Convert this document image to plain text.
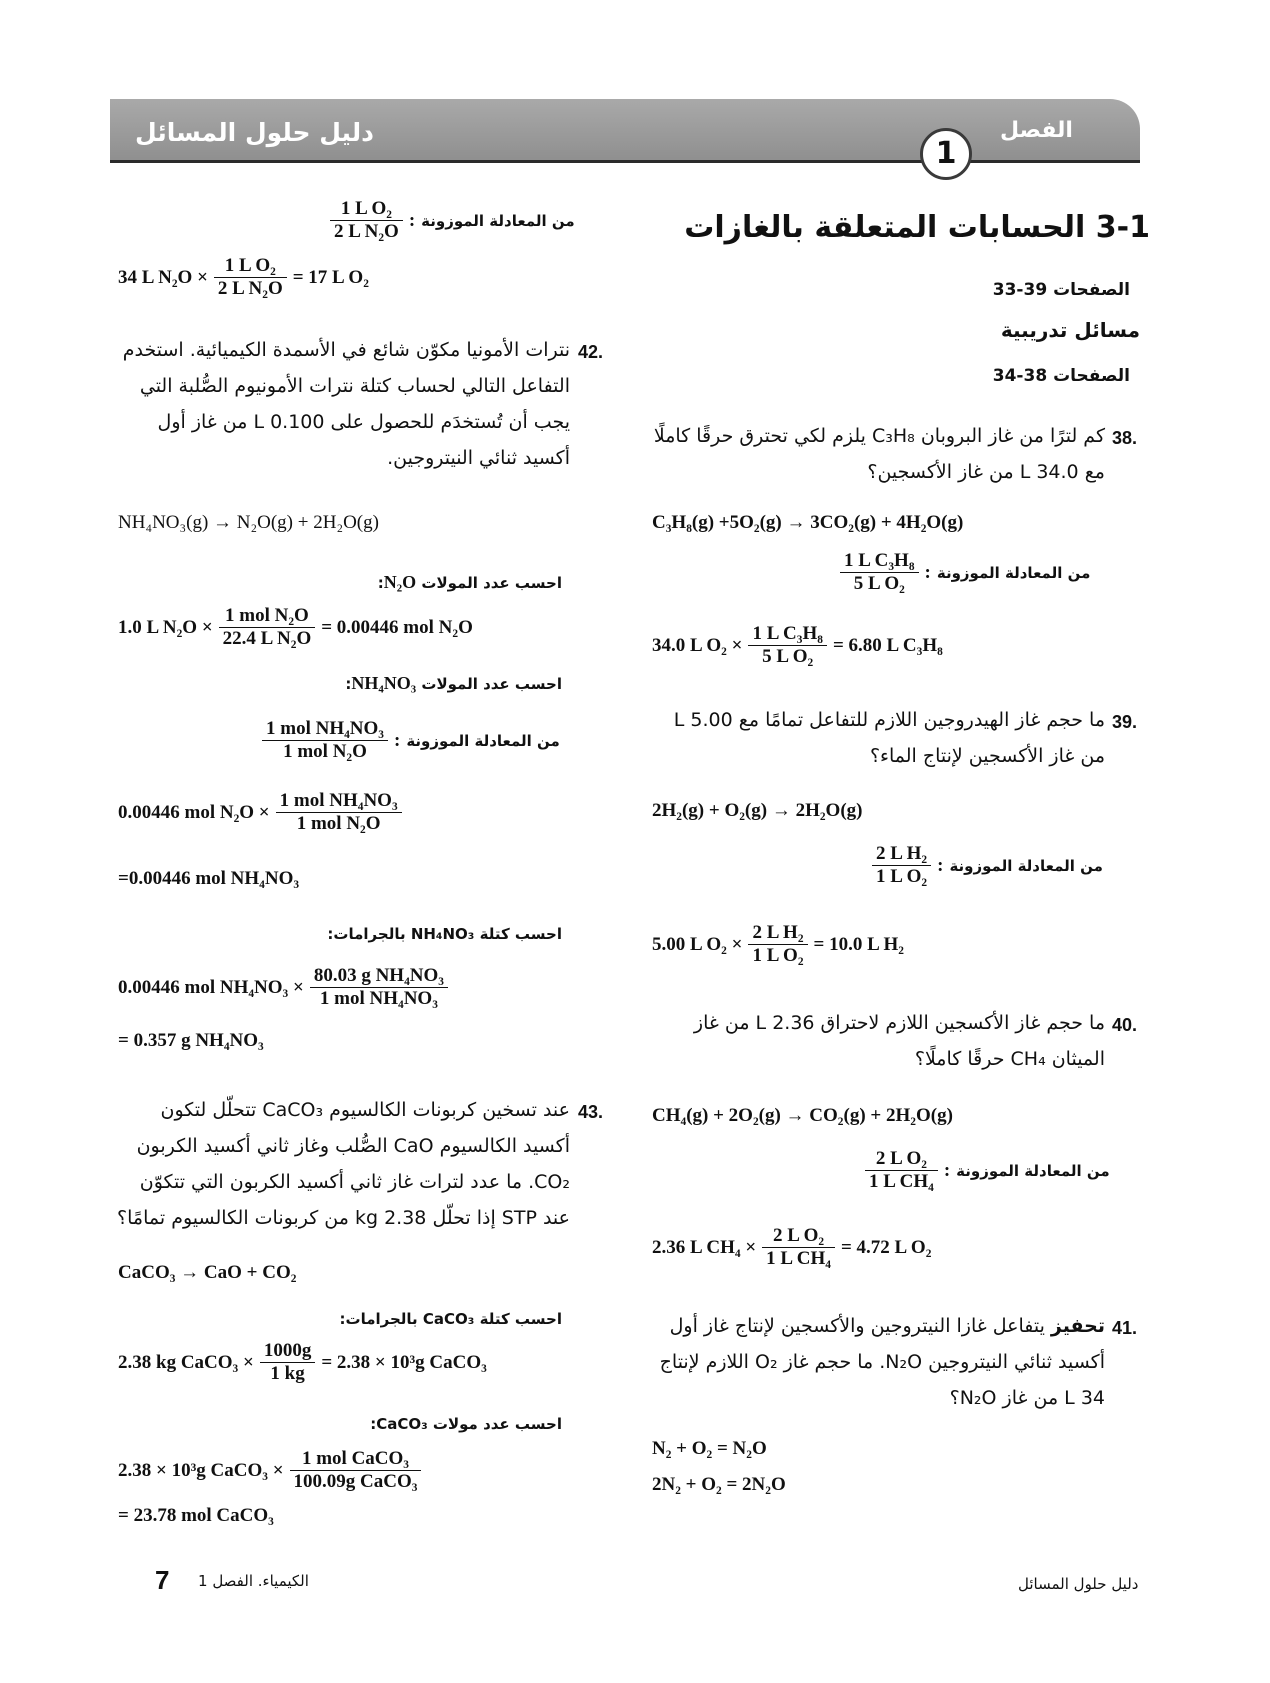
دليل حلول المسائل	الفصل
1
3-1 الحسابات المتعلقة بالغازات
الصفحات 39-33
مسائل تدريبية
الصفحات 38-34
38.
كم لترًا من غاز البروبان C₃H₈ يلزم لكي تحترق حرقًا كاملًا مع 34.0 L من غاز الأكسجين؟
C₃H₈(g) +5O₂(g) → 3CO₂(g) + 4H₂O(g)
$\frac{\text{1 L C₃H₈}}{\text{5 L O₂}}$ : من المعادلة الموزونة
34.0 L $O_2 \times \frac{\text{1 L C₃H₈}}{\text{5 L O₂}} = 6.80$ L C₃H₈
39.
ما حجم غاز الهيدروجين اللازم للتفاعل تمامًا مع 5.00 L من غاز الأكسجين لإنتاج الماء؟
2H₂(g) + O₂(g) → 2H₂O(g)
$\frac{\text{2 L H₂}}{\text{1 L O₂}}$ : من المعادلة الموزونة
5.00 L $O_2 \times \frac{\text{2 L H₂}}{\text{1 L O₂}} = 10.0$ L H₂
40.
ما حجم غاز الأكسجين اللازم لاحتراق 2.36 L من غاز الميثان CH₄ حرقًا كاملًا؟
CH₄(g) + 2O₂(g) → CO₂(g) + 2H₂O(g)
$\frac{\text{2 L O₂}}{\text{1 L CH₄}}$ : من المعادلة الموزونة
2.36 L $CH_4 \times \frac{\text{2 L O₂}}{\text{1 L CH₄}} = 4.72$ L O₂
41.
تحفيز يتفاعل غازا النيتروجين والأكسجين لإنتاج غاز أول أكسيد ثنائي النيتروجين N₂O. ما حجم غاز O₂ اللازم لإنتاج 34 L من غاز N₂O؟
N₂ + O₂ = N₂O
2N₂ + O₂ = 2N₂O
$\frac{\text{1 L O₂}}{\text{2 L N₂O}}$ : من المعادلة الموزونة
34 L $N_2O \times \frac{\text{1 L O₂}}{\text{2 L N₂O}} = 17$ L O₂
42.
نترات الأمونيا مكوّن شائع في الأسمدة الكيميائية. استخدم التفاعل التالي لحساب كتلة نترات الأمونيوم الصُّلبة التي يجب أن تُستخدَم للحصول على 0.100 L من غاز أول أكسيد ثنائي النيتروجين.
NH₄NO₃(g) → N₂O(g) + 2H₂O(g)
احسب عدد المولات N₂O:
1.0 L $N_2O \times \frac{\text{1 mol N₂O}}{\text{22.4 L N₂O}} = 0.00446$ mol N₂O
احسب عدد المولات NH₄NO₃:
$\frac{\text{1 mol NH₄NO₃}}{\text{1 mol N₂O}}$ : من المعادلة الموزونة
0.00446 mol $N_2O \times \frac{\text{1 mol NH₄NO₃}}{\text{1 mol N₂O}}$
=0.00446 mol NH₄NO₃
احسب كتلة NH₄NO₃ بالجرامات:
0.00446 mol $NH_4NO_3 \times \frac{\text{80.03 g NH₄NO₃}}{\text{1 mol NH₄NO₃}}$
= 0.357 g NH₄NO₃
43.
عند تسخين كربونات الكالسيوم CaCO₃ تتحلّل لتكون أكسيد الكالسيوم CaO الصُّلب وغاز ثاني أكسيد الكربون CO₂. ما عدد لترات غاز ثاني أكسيد الكربون التي تتكوّن عند STP إذا تحلّل 2.38 kg من كربونات الكالسيوم تمامًا؟
CaCO₃ → CaO + CO₂
احسب كتلة CaCO₃ بالجرامات:
2.38 kg CaCO₃ × $\frac{1000g}{1 kg} = 2.38 \times 10^3g$ CaCO₃
احسب عدد مولات CaCO₃:
2.38 × 10³g CaCO₃ × $\frac{\text{1 mol CaCO₃}}{\text{100.09g CaCO₃}}$
= 23.78 mol CaCO₃
دليل حلول المسائل
الكيمياء. الفصل 1
7
